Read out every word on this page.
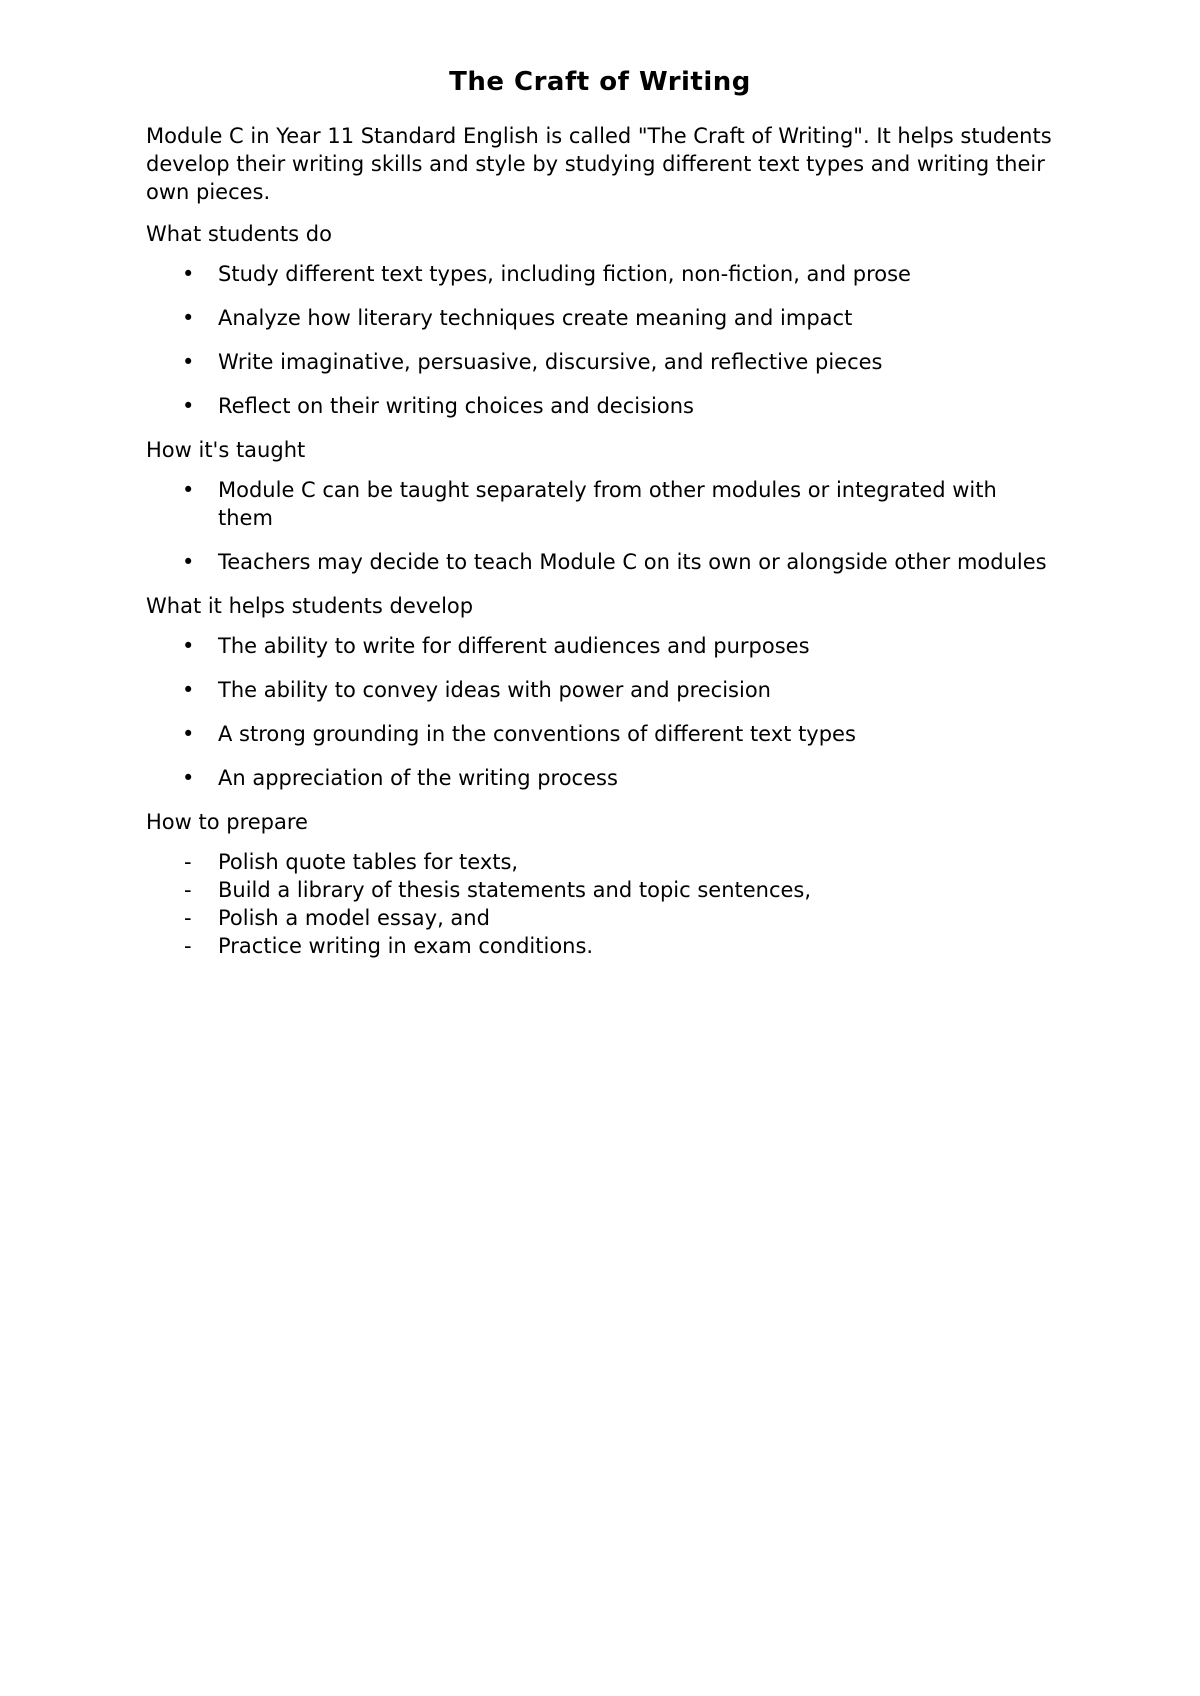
The Craft of Writing
Module C in Year 11 Standard English is called "The Craft of Writing". It helps students develop their writing skills and style by studying different text types and writing their own pieces.
What students do
• Study different text types, including fiction, non-fiction, and prose
• Analyze how literary techniques create meaning and impact
• Write imaginative, persuasive, discursive, and reflective pieces
• Reflect on their writing choices and decisions
How it's taught
• Module C can be taught separately from other modules or integrated with them
• Teachers may decide to teach Module C on its own or alongside other modules
What it helps students develop
• The ability to write for different audiences and purposes
• The ability to convey ideas with power and precision
• A strong grounding in the conventions of different text types
• An appreciation of the writing process
How to prepare
- Polish quote tables for texts,
- Build a library of thesis statements and topic sentences,
- Polish a model essay, and
- Practice writing in exam conditions.
